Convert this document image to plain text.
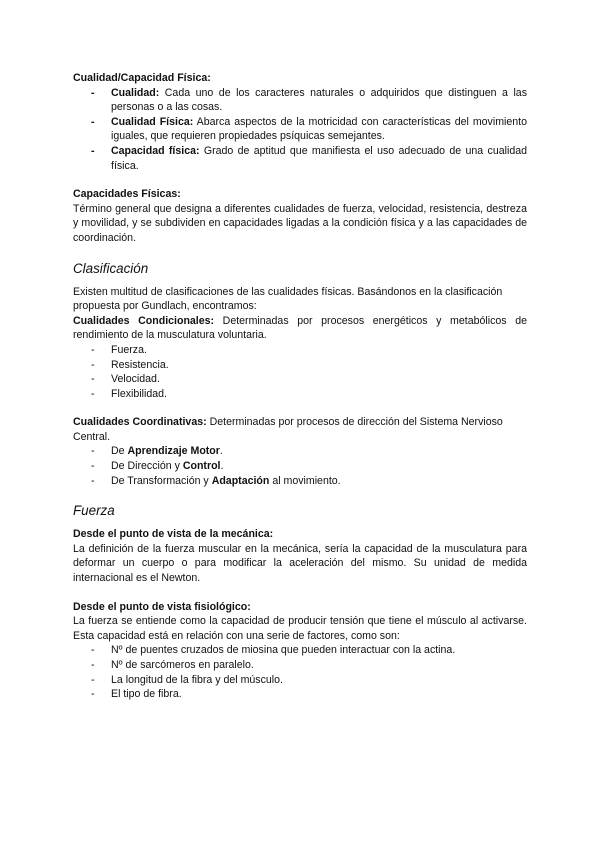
Cualidad/Capacidad Física:

- Cualidad: Cada uno de los caracteres naturales o adquiridos que distinguen a las personas o a las cosas.
- Cualidad Física: Abarca aspectos de la motricidad con características del movimiento iguales, que requieren propiedades psíquicas semejantes.
- Capacidad física: Grado de aptitud que manifiesta el uso adecuado de una cualidad física.

Capacidades Físicas:

Término general que designa a diferentes cualidades de fuerza, velocidad, resistencia, destreza y movilidad, y se subdividen en capacidades ligadas a la condición física y a las capacidades de coordinación.

Clasificación

Existen multitud de clasificaciones de las cualidades físicas. Basándonos en la clasificación propuesta por Gundlach, encontramos:

Cualidades Condicionales: Determinadas por procesos energéticos y metabólicos de rendimiento de la musculatura voluntaria.

- Fuerza.
- Resistencia.
- Velocidad.
- Flexibilidad.

Cualidades Coordinativas: Determinadas por procesos de dirección del Sistema Nervioso Central.

- De Aprendizaje Motor.
- De Dirección y Control.
- De Transformación y Adaptación al movimiento.

Fuerza

Desde el punto de vista de la mecánica:

La definición de la fuerza muscular en la mecánica, sería la capacidad de la musculatura para deformar un cuerpo o para modificar la aceleración del mismo. Su unidad de medida internacional es el Newton.

Desde el punto de vista fisiológico:

La fuerza se entiende como la capacidad de producir tensión que tiene el músculo al activarse. Esta capacidad está en relación con una serie de factores, como son:

- Nº de puentes cruzados de miosina que pueden interactuar con la actina.
- Nº de sarcómeros en paralelo.
- La longitud de la fibra y del músculo.
- El tipo de fibra.
